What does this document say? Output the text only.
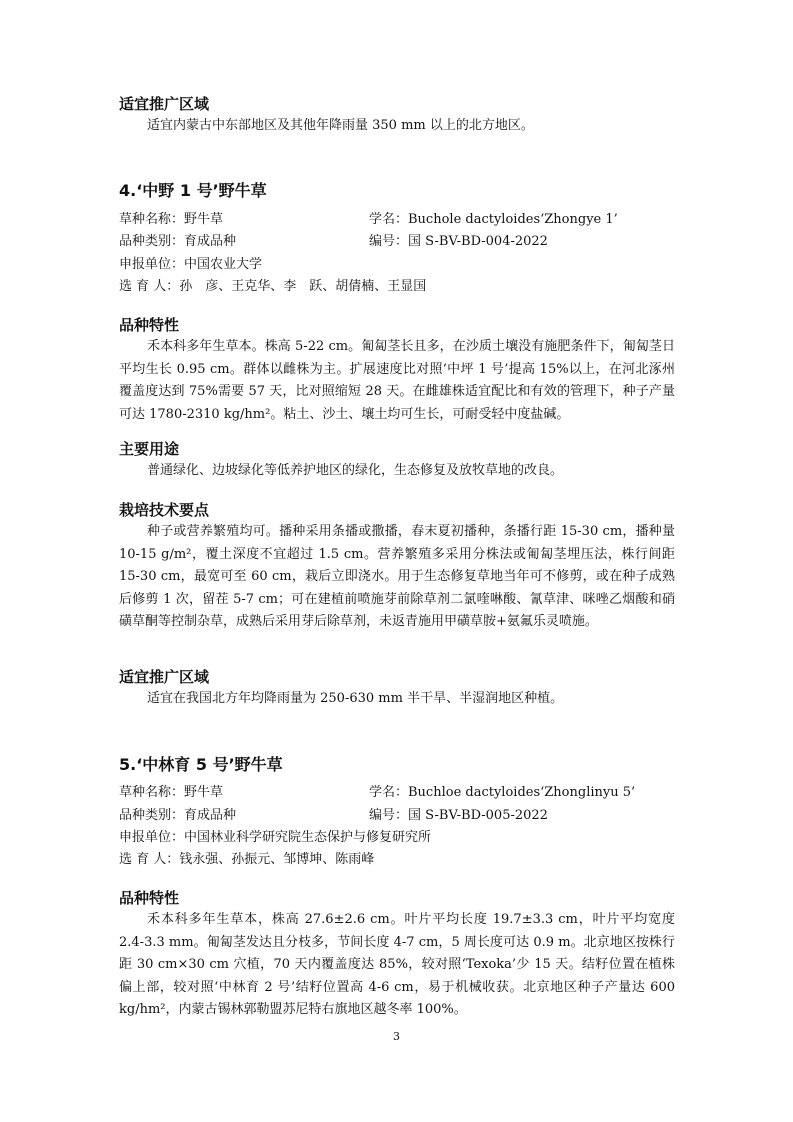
适宜推广区域
适宜内蒙古中东部地区及其他年降雨量 350 mm 以上的北方地区。
4.‘中野 1 号’野牛草
草种名称：野牛草	学名：Buchole dactyloides‘Zhongye 1’
品种类别：育成品种	编号：国 S-BV-BD-004-2022
申报单位：中国农业大学
选 育 人：孙　彦、王克华、李　跃、胡倩楠、王显国
品种特性
禾本科多年生草本。株高 5-22 cm。匍匐茎长且多，在沙质土壤没有施肥条件下，匍匐茎日平均生长 0.95 cm。群体以雌株为主。扩展速度比对照‘中坪 1 号’提高 15%以上，在河北涿州覆盖度达到 75%需要 57 天，比对照缩短 28 天。在雌雄株适宜配比和有效的管理下，种子产量可达 1780-2310 kg/hm²。粘土、沙土、壤土均可生长，可耐受轻中度盐碱。
主要用途
普通绿化、边坡绿化等低养护地区的绿化，生态修复及放牧草地的改良。
栽培技术要点
种子或营养繁殖均可。播种采用条播或撒播，春末夏初播种，条播行距 15-30 cm，播种量 10-15 g/m²，覆土深度不宜超过 1.5 cm。营养繁殖多采用分株法或匍匐茎埋压法，株行间距 15-30 cm，最宽可至 60 cm，栽后立即浇水。用于生态修复草地当年可不修剪，或在种子成熟后修剪 1 次，留茬 5-7 cm；可在建植前喷施芽前除草剂二氯喹啉酸、氰草津、咪唑乙烟酸和硝磺草酮等控制杂草，成熟后采用芽后除草剂，未返青施用甲磺草胺+氨氟乐灵喷施。
适宜推广区域
适宜在我国北方年均降雨量为 250-630 mm 半干旱、半湿润地区种植。
5.‘中林育 5 号’野牛草
草种名称：野牛草	学名：Buchloe dactyloides‘Zhonglinyu 5’
品种类别：育成品种	编号：国 S-BV-BD-005-2022
申报单位：中国林业科学研究院生态保护与修复研究所
选 育 人：钱永强、孙振元、邹博坤、陈雨峰
品种特性
禾本科多年生草本，株高 27.6±2.6 cm。叶片平均长度 19.7±3.3 cm，叶片平均宽度 2.4-3.3 mm。匍匐茎发达且分枝多，节间长度 4-7 cm，5 周长度可达 0.9 m。北京地区按株行距 30 cm×30 cm 穴植，70 天内覆盖度达 85%，较对照‘Texoka’少 15 天。结籽位置在植株偏上部，较对照‘中林育 2 号’结籽位置高 4-6 cm，易于机械收获。北京地区种子产量达 600 kg/hm²，内蒙古锡林郭勒盟苏尼特右旗地区越冬率 100%。
3
